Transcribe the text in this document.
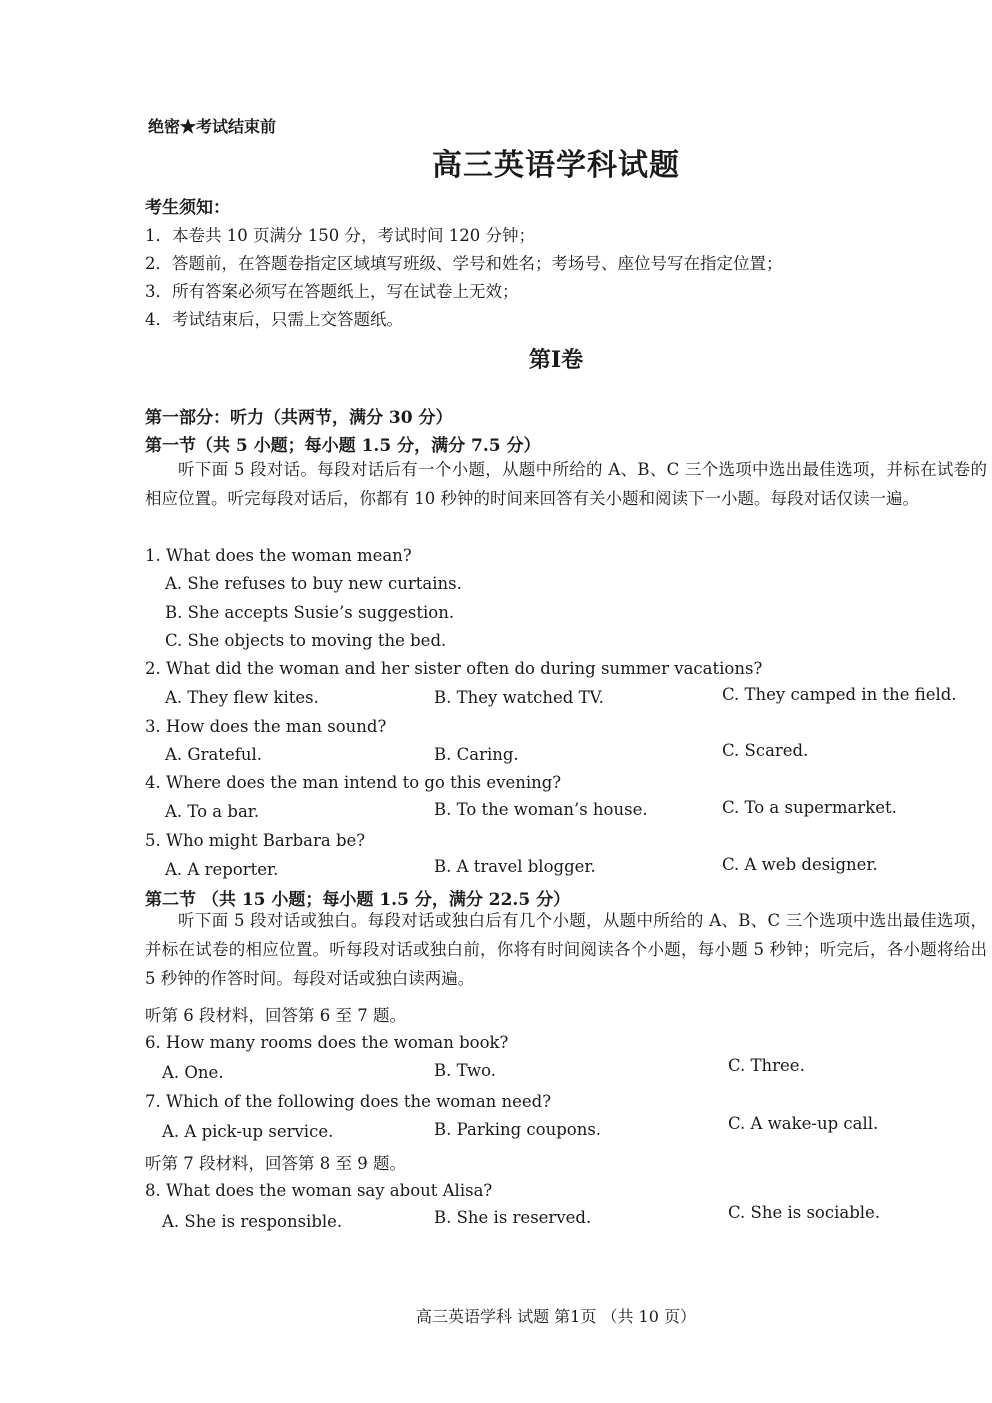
绝密★考试结束前
高三英语学科试题
考生须知：
1．本卷共 10 页满分 150 分，考试时间 120 分钟；
2．答题前，在答题卷指定区域填写班级、学号和姓名；考场号、座位号写在指定位置；
3．所有答案必须写在答题纸上，写在试卷上无效；
4．考试结束后，只需上交答题纸。
第Ⅰ卷
第一部分：听力（共两节，满分 30 分）
第一节（共 5 小题；每小题 1.5 分，满分 7.5 分）
听下面 5 段对话。每段对话后有一个小题，从题中所给的 A、B、C 三个选项中选出最佳选项，并标在试卷的相应位置。听完每段对话后，你都有 10 秒钟的时间来回答有关小题和阅读下一小题。每段对话仅读一遍。
1. What does the woman mean?
A. She refuses to buy new curtains.
B. She accepts Susie’s suggestion.
C. She objects to moving the bed.
2. What did the woman and her sister often do during summer vacations?
A. They flew kites.	B. They watched TV.	C. They camped in the field.
3. How does the man sound?
A. Grateful.	B. Caring.	C. Scared.
4. Where does the man intend to go this evening?
A. To a bar.	B. To the woman’s house.	C. To a supermarket.
5. Who might Barbara be?
A. A reporter.	B. A travel blogger.	C. A web designer.
第二节 （共 15 小题；每小题 1.5 分，满分 22.5 分）
听下面 5 段对话或独白。每段对话或独白后有几个小题，从题中所给的 A、B、C 三个选项中选出最佳选项，并标在试卷的相应位置。听每段对话或独白前，你将有时间阅读各个小题，每小题 5 秒钟；听完后，各小题将给出 5 秒钟的作答时间。每段对话或独白读两遍。
听第 6 段材料，回答第 6 至 7 题。
6. How many rooms does the woman book?
A. One.	B. Two.	C. Three.
7. Which of the following does the woman need?
A. A pick-up service.	B. Parking coupons.	C. A wake-up call.
听第 7 段材料，回答第 8 至 9 题。
8. What does the woman say about Alisa?
A. She is responsible.	B. She is reserved.	C. She is sociable.
高三英语学科 试题 第1页 （共 10 页）
